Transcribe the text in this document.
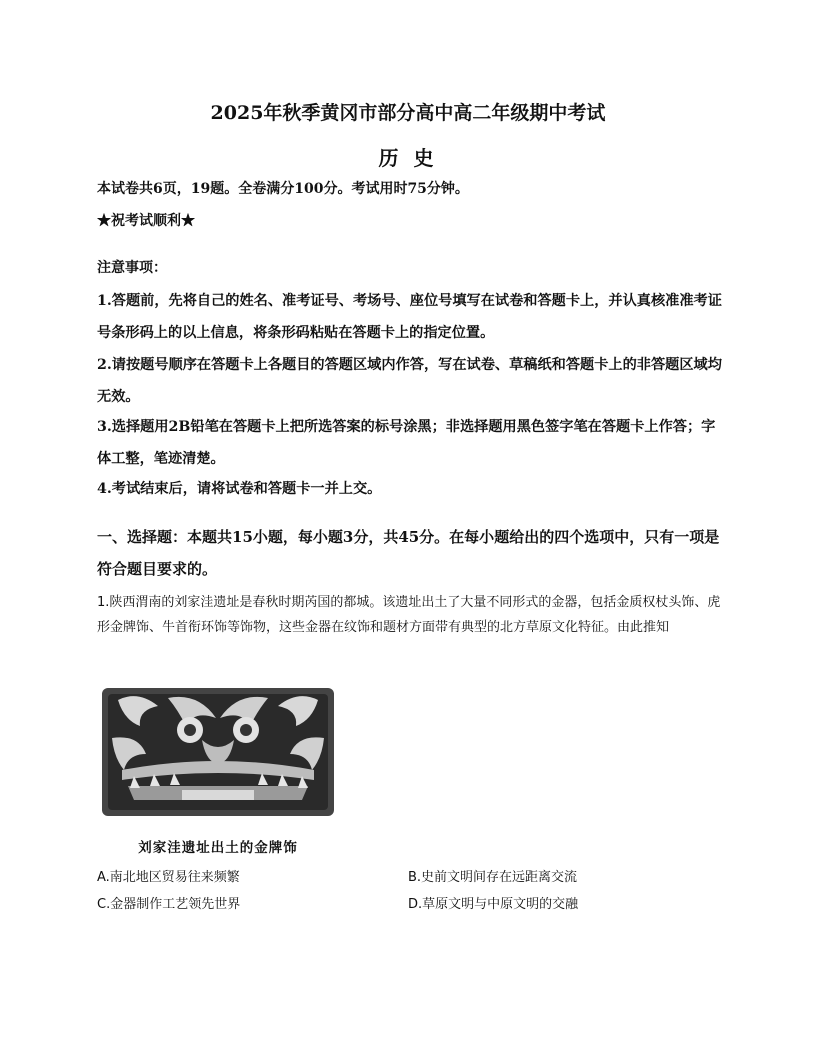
2025年秋季黄冈市部分高中高二年级期中考试
历 史
本试卷共6页，19题。全卷满分100分。考试用时75分钟。
★祝考试顺利★
注意事项：
1.答题前，先将自己的姓名、准考证号、考场号、座位号填写在试卷和答题卡上，并认真核准准考证号条形码上的以上信息，将条形码粘贴在答题卡上的指定位置。
2.请按题号顺序在答题卡上各题目的答题区域内作答，写在试卷、草稿纸和答题卡上的非答题区域均无效。
3.选择题用2B铅笔在答题卡上把所选答案的标号涂黑；非选择题用黑色签字笔在答题卡上作答；字体工整，笔迹清楚。
4.考试结束后，请将试卷和答题卡一并上交。
一、选择题：本题共15小题，每小题3分，共45分。在每小题给出的四个选项中，只有一项是符合题目要求的。
1.陕西渭南的刘家洼遗址是春秋时期芮国的都城。该遗址出土了大量不同形式的金器，包括金质权杖头饰、虎形金牌饰、牛首衔环饰等饰物，这些金器在纹饰和题材方面带有典型的北方草原文化特征。由此推知
刘家洼遗址出土的金牌饰
A.南北地区贸易往来频繁	B.史前文明间存在远距离交流
C.金器制作工艺领先世界	D.草原文明与中原文明的交融
